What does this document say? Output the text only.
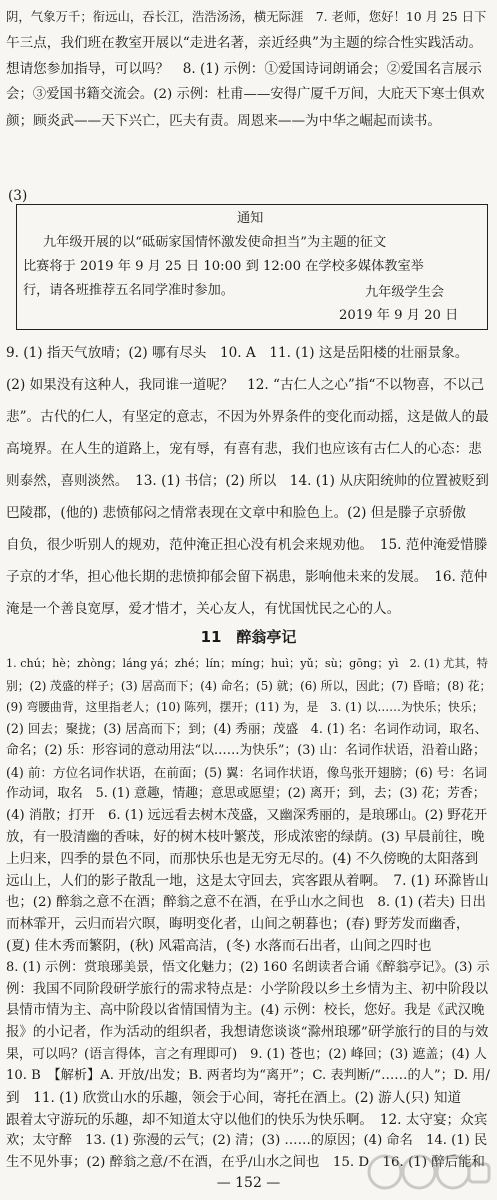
阴，气象万千；衔远山，吞长江，浩浩汤汤，横无际涯　7. 老师，您好！10 月 25 日下
午三点，我们班在教室开展以“走进名著，亲近经典”为主题的综合性实践活动。
想请您参加指导，可以吗？　8. (1) 示例：①爱国诗词朗诵会；②爱国名言展示
会；③爱国书籍交流会。(2) 示例：杜甫——安得广厦千万间，大庇天下寒士俱欢
颜；顾炎武——天下兴亡，匹夫有责。周恩来——为中华之崛起而读书。
(3)
通知
九年级开展的以“砥砺家国情怀激发使命担当”为主题的征文
比赛将于 2019 年 9 月 25 日 10:00 到 12:00 在学校多媒体教室举
行，请各班推荐五名同学准时参加。	九年级学生会
2019 年 9 月 20 日
9. (1) 指天气放晴；(2) 哪有尽头　10. A　11. (1) 这是岳阳楼的壮丽景象。
(2) 如果没有这种人，我同谁一道呢？　12. “古仁人之心”指“不以物喜，不以己
悲”。古代的仁人，有坚定的意志，不因为外界条件的变化而动摇，这是做人的最
高境界。在人生的道路上，宠有辱，有喜有悲，我们也应该有古仁人的心态：悲
则泰然，喜则淡然。　13. (1) 书信；(2) 所以　14. (1) 从庆阳统帅的位置被贬到
巴陵郡，(他的) 悲愤郁闷之情常表现在文章中和脸色上。(2) 但是滕子京骄傲
自负，很少听别人的规劝，范仲淹正担心没有机会来规劝他。　15. 范仲淹爱惜滕
子京的才华，担心他长期的悲愤抑郁会留下祸患，影响他未来的发展。　16. 范仲
淹是一个善良宽厚，爱才惜才，关心友人，有忧国忧民之心的人。
11　醉翁亭记
1. chú；hè；zhòng；láng yá；zhé；lín；míng；huì；yǔ；sù；gōng；yì　2. (1) 尤其，特
别；(2) 茂盛的样子；(3) 居高而下；(4) 命名；(5) 就；(6) 所以，因此；(7) 昏暗；(8) 花；
(9) 弯腰曲背，这里指老人；(10) 陈列，摆开；(11) 为，是　3. (1) 以……为快乐；快乐；
(2) 回去；聚拢；(3) 居高而下；到；(4) 秀丽；茂盛　4. (1) 名：名词作动词，取名、
命名；(2) 乐：形容词的意动用法“以……为快乐”；(3) 山：名词作状语，沿着山路；
(4) 前：方位名词作状语，在前面；(5) 翼：名词作状语，像鸟张开翅膀；(6) 号：名词
作动词，取名　5. (1) 意趣，情趣；意思或愿望；(2) 离开；到，去；(3) 花；芳香；
(4) 消散；打开　6. (1) 远远看去树木茂盛，又幽深秀丽的，是琅琊山。(2) 野花开
放，有一股清幽的香味，好的树木枝叶繁茂，形成浓密的绿荫。(3) 早晨前往，晚
上归来，四季的景色不同，而那快乐也是无穷无尽的。(4) 不久傍晚的太阳落到
远山上，人们的影子散乱一地，这是太守回去，宾客跟从着啊。　7. (1) 环滁皆山
也；(2) 醉翁之意不在酒；醉翁之意不在酒，在乎山水之间也　8. (1) (若夫) 日出
而林霏开，云归而岩穴暝，晦明变化者，山间之朝暮也；(春) 野芳发而幽香，
(夏) 佳木秀而繁阴，(秋) 风霜高洁，(冬) 水落而石出者，山间之四时也
8. (1) 示例：赏琅琊美景，悟文化魅力；(2) 160 名朗读者合诵《醉翁亭记》。(3) 示
例：我国不同阶段研学旅行的需求特点是：小学阶段以乡土乡情为主、初中阶段以
县情市情为主、高中阶段以省情国情为主。(4) 示例：校长，您好。我是《武汉晚
报》的小记者，作为活动的组织者，我想请您谈谈“滁州琅琊”研学旅行的目的与效
果，可以吗？(语言得体，言之有理即可)　9. (1) 苍也；(2) 峰回；(3) 遮盖；(4) 人
10. B　【解析】A. 开放/出发；B. 两者均为“离开”；C. 表判断/“……的人”；D. 用/
到　11. (1) 欣赏山水的乐趣，领会于心间，寄托在酒上。(2) 游人(只) 知道
跟着太守游玩的乐趣，却不知道太守以他们的快乐为快乐啊。　12. 太守宴；众宾
欢；太守醉　13. (1) 弥漫的云气；(2) 清；(3) ……的原因；(4) 命名　14. (1) 民
生不见外事；(2) 醉翁之意/不在酒，在乎/山水之间也　15. D　16. (1) 醉后能和
— 152 —
